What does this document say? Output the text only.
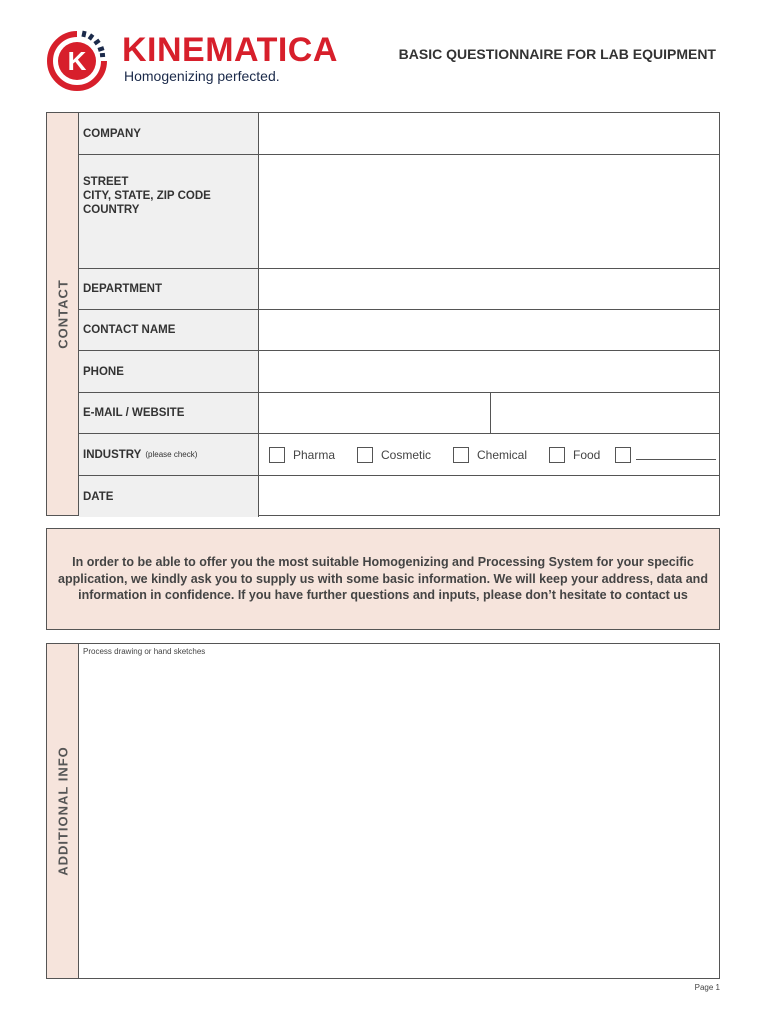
K KINEMATICA
Homogenizing perfected.
BASIC QUESTIONNAIRE FOR LAB EQUIPMENT
CONTACT
COMPANY
STREET
CITY, STATE, ZIP CODE
COUNTRY
DEPARTMENT
CONTACT NAME
PHONE
E-MAIL / WEBSITE
INDUSTRY (please check)	Pharma	Cosmetic	Chemical	Food
DATE
In order to be able to offer you the most suitable Homogenizing and Processing System for your specific application, we kindly ask you to supply us with some basic information. We will keep your address, data and information in confidence. If you have further questions and inputs, please don’t hesitate to contact us
ADDITIONAL INFO
Process drawing or hand sketches
Page 1
